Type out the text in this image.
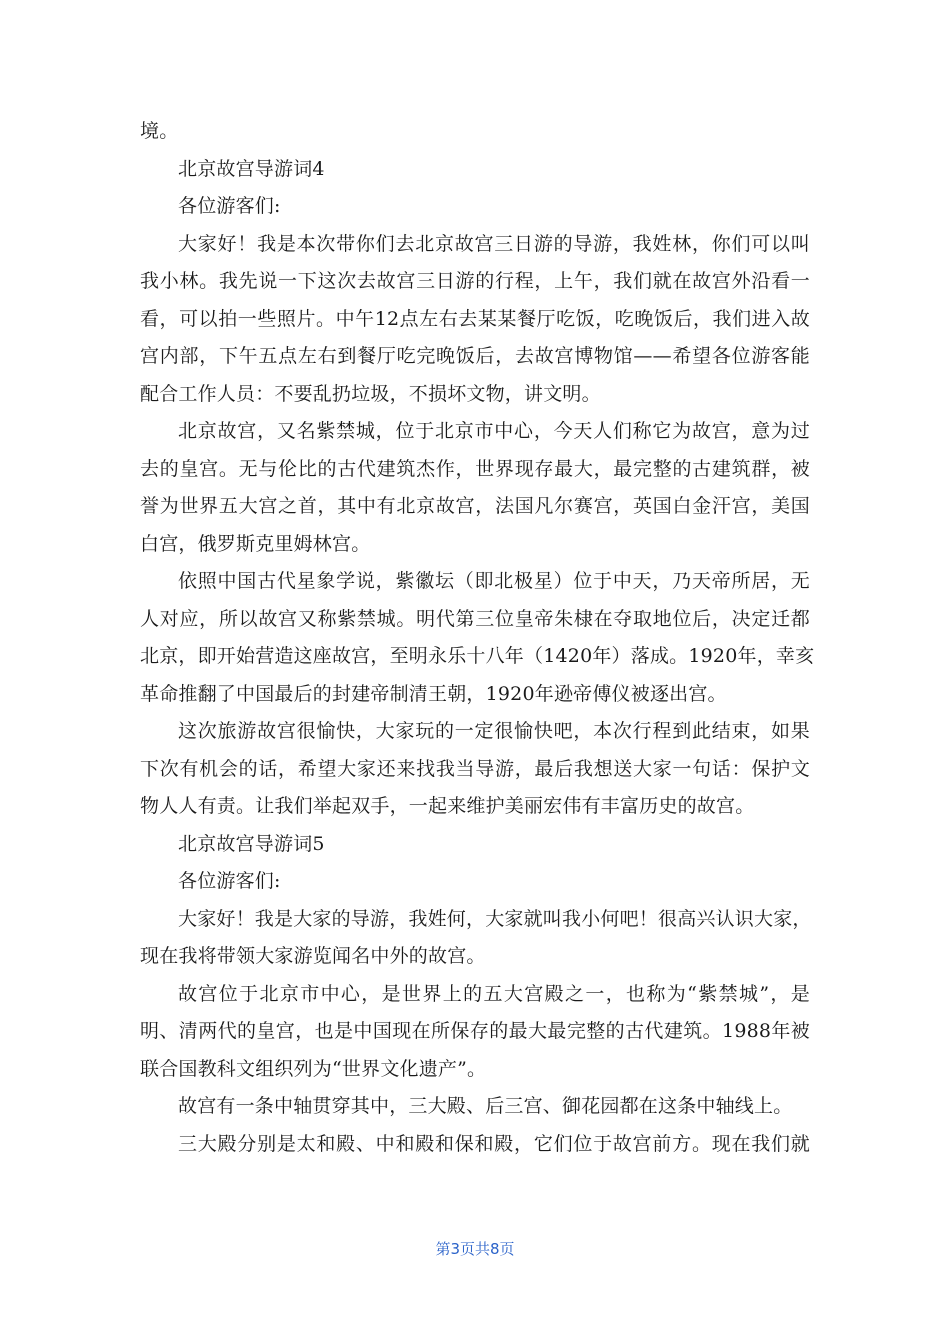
境。
北京故宫导游词4
各位游客们:
大家好！我是本次带你们去北京故宫三日游的导游，我姓林，你们可以叫
我小林。我先说一下这次去故宫三日游的行程，上午，我们就在故宫外沿看一
看，可以拍一些照片。中午12点左右去某某餐厅吃饭，吃晚饭后，我们进入故
宫内部，下午五点左右到餐厅吃完晚饭后，去故宫博物馆——希望各位游客能
配合工作人员：不要乱扔垃圾，不损坏文物，讲文明。
北京故宫，又名紫禁城，位于北京市中心，今天人们称它为故宫，意为过
去的皇宫。无与伦比的古代建筑杰作，世界现存最大，最完整的古建筑群，被
誉为世界五大宫之首，其中有北京故宫，法国凡尔赛宫，英国白金汗宫，美国
白宫，俄罗斯克里姆林宫。
依照中国古代星象学说，紫徽坛（即北极星）位于中天，乃天帝所居，无
人对应，所以故宫又称紫禁城。明代第三位皇帝朱棣在夺取地位后，决定迁都
北京，即开始营造这座故宫，至明永乐十八年（1420年）落成。1920年，幸亥
革命推翻了中国最后的封建帝制清王朝，1920年逊帝傅仪被逐出宫。
这次旅游故宫很愉快，大家玩的一定很愉快吧，本次行程到此结束，如果
下次有机会的话，希望大家还来找我当导游，最后我想送大家一句话：保护文
物人人有责。让我们举起双手，一起来维护美丽宏伟有丰富历史的故宫。
北京故宫导游词5
各位游客们:
大家好！我是大家的导游，我姓何，大家就叫我小何吧！很高兴认识大家，
现在我将带领大家游览闻名中外的故宫。
故宫位于北京市中心，是世界上的五大宫殿之一，也称为“紫禁城”，是
明、清两代的皇宫，也是中国现在所保存的最大最完整的古代建筑。1988年被
联合国教科文组织列为“世界文化遗产”。
故宫有一条中轴贯穿其中，三大殿、后三宫、御花园都在这条中轴线上。
三大殿分别是太和殿、中和殿和保和殿，它们位于故宫前方。现在我们就
第3页共8页
